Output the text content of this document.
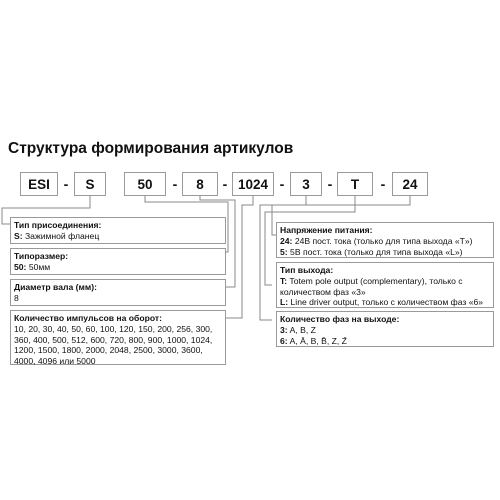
Структура формирования артикулов
ESI -	S	50	-	8	- 1024 -	3	-	T	-	24
Тип присоединения:
S: Зажимной фланец
Типоразмер:
50: 50мм
Диаметр вала (мм):
8
Количество импульсов на оборот:
10, 20, 30, 40, 50, 60, 100, 120, 150, 200, 256, 300, 360, 400, 500, 512, 600, 720, 800, 900, 1000, 1024, 1200, 1500, 1800, 2000, 2048, 2500, 3000, 3600, 4000, 4096 или 5000
Напряжение питания:
24: 24В пост. тока (только для типа выхода «T»)
5: 5В пост. тока (только для типа выхода «L»)
Тип выхода:
T: Totem pole output (complementary), только с количеством фаз «3»
L: Line driver output, только с количеством фаз «6»
Количество фаз на выходе:
3: A, B, Z
6: A, Ā, B, B̄, Z, Z̄
